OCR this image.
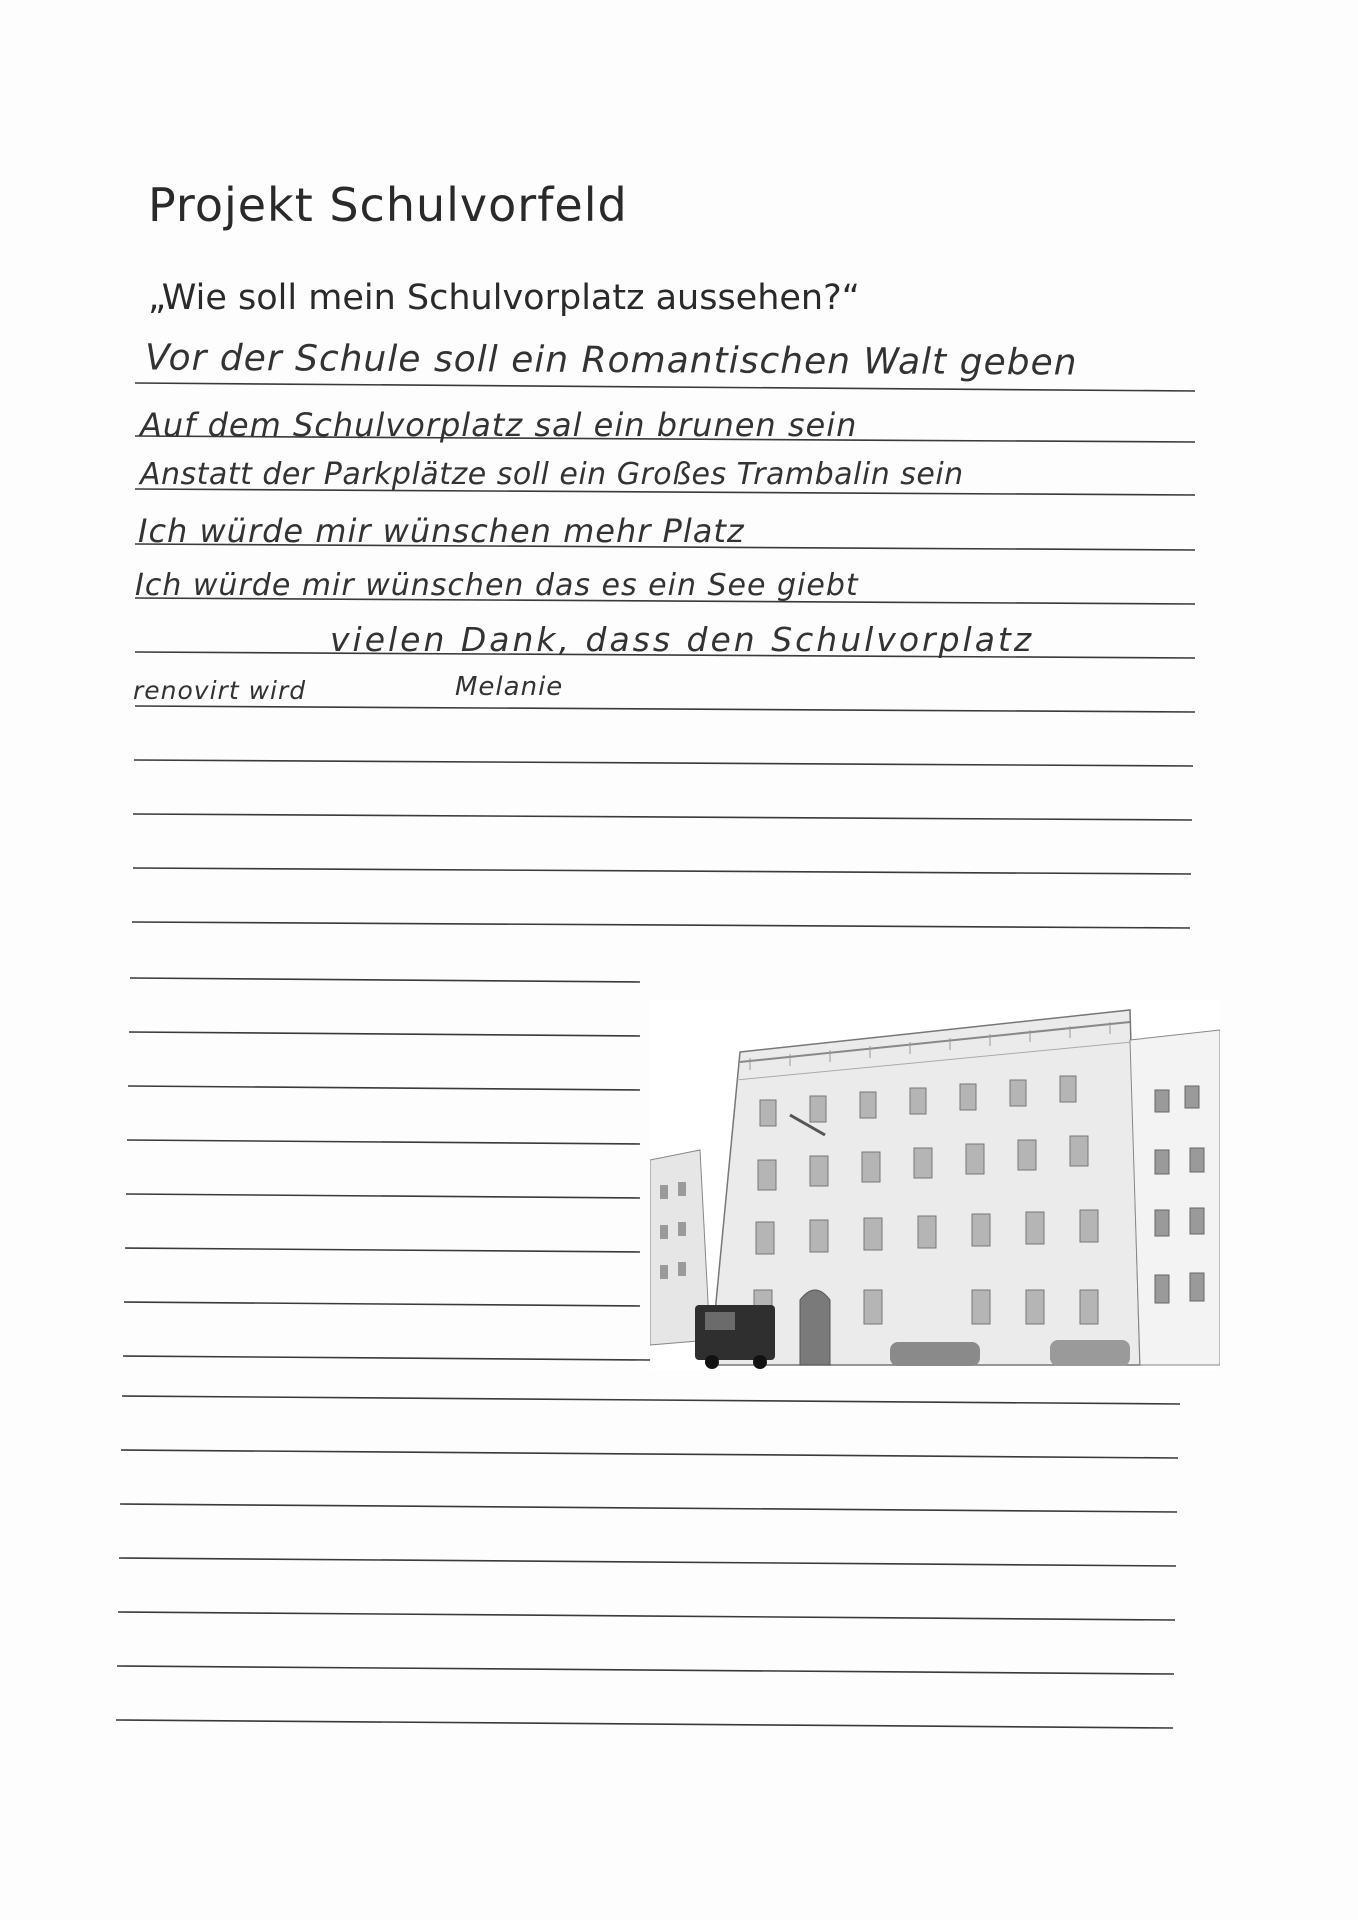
Projekt Schulvorfeld
„Wie soll mein Schulvorplatz aussehen?“
Vor der Schule soll ein Romantischen Walt geben
Auf dem Schulvorplatz sal ein brunen sein
Anstatt der Parkplätze soll ein Großes Trambalin sein
Ich würde mir wünschen mehr Platz
Ich würde mir wünschen das es ein See giebt
vielen Dank, dass den Schulvorplatz
renovirt wird	Melanie
